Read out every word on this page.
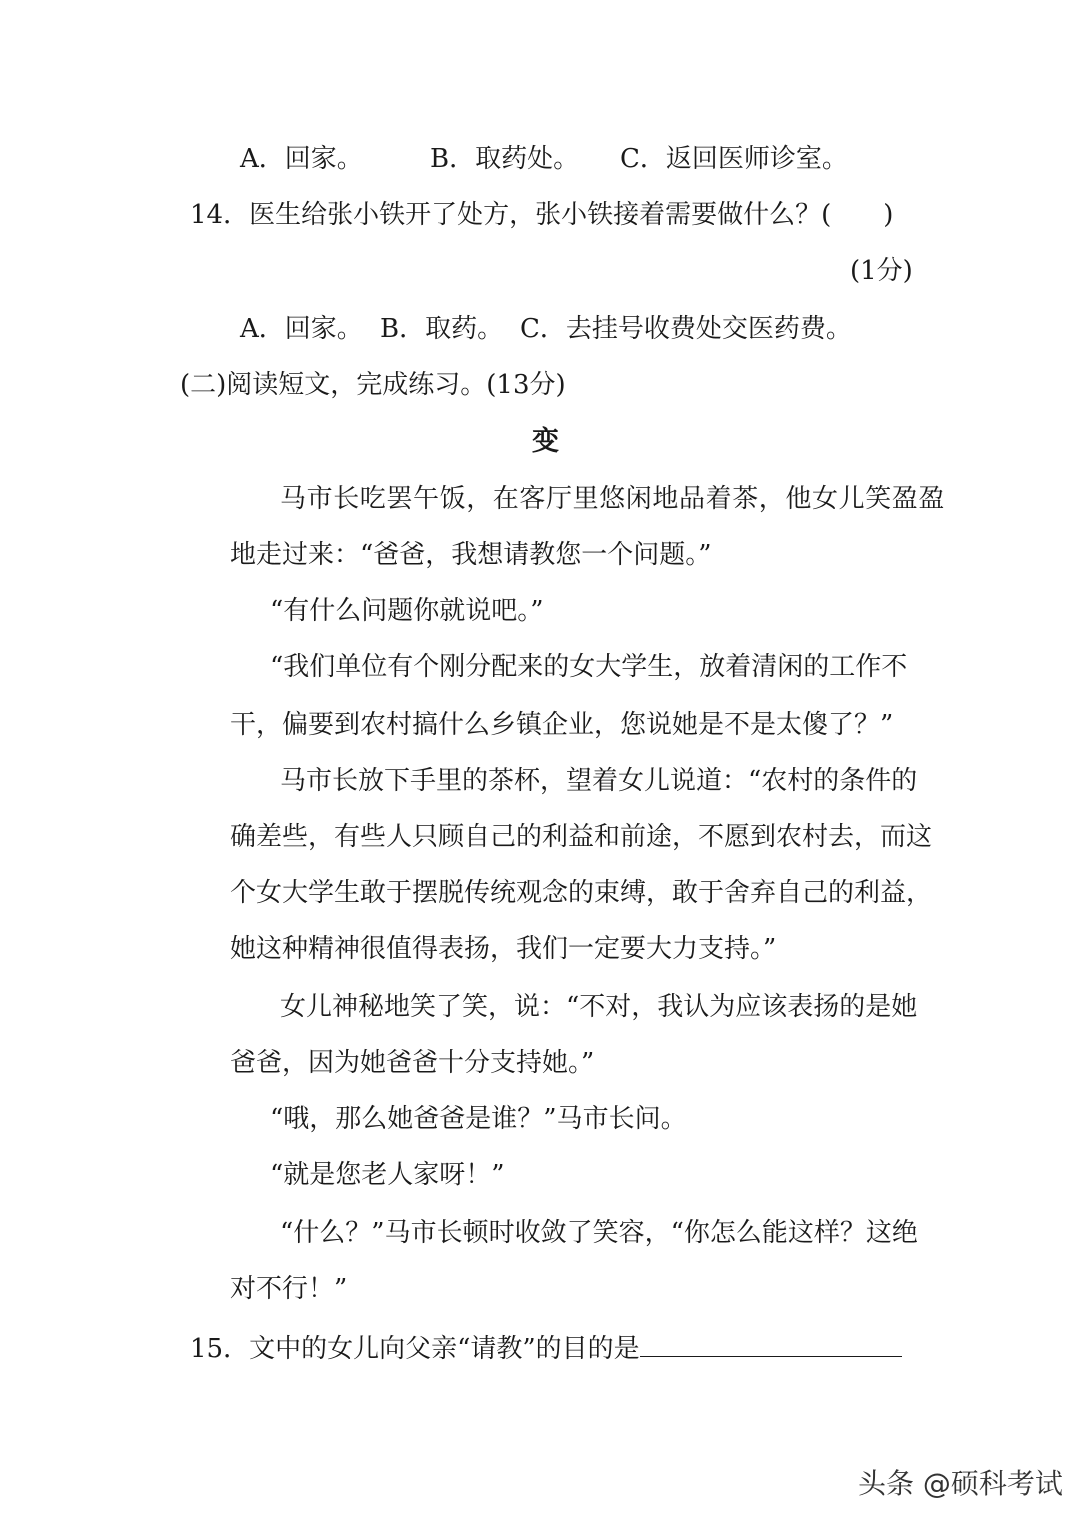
A．回家。	B．取药处。 C．返回医师诊室。
14．医生给张小铁开了处方，张小铁接着需要做什么？(　　)
(1分)
A．回家。 B．取药。 C．去挂号收费处交医药费。
(二)阅读短文，完成练习。(13分)
变
马市长吃罢午饭，在客厅里悠闲地品着茶，他女儿笑盈盈
地走过来：“爸爸，我想请教您一个问题。”
“有什么问题你就说吧。”
“我们单位有个刚分配来的女大学生，放着清闲的工作不
干，偏要到农村搞什么乡镇企业，您说她是不是太傻了？”
马市长放下手里的茶杯，望着女儿说道：“农村的条件的
确差些，有些人只顾自己的利益和前途，不愿到农村去，而这
个女大学生敢于摆脱传统观念的束缚，敢于舍弃自己的利益，
她这种精神很值得表扬，我们一定要大力支持。”
女儿神秘地笑了笑，说：“不对，我认为应该表扬的是她
爸爸，因为她爸爸十分支持她。”
“哦，那么她爸爸是谁？”马市长问。
“就是您老人家呀！”
“什么？”马市长顿时收敛了笑容，“你怎么能这样？这绝
对不行！”
15．文中的女儿向父亲“请教”的目的是
头条 @硕科考试
